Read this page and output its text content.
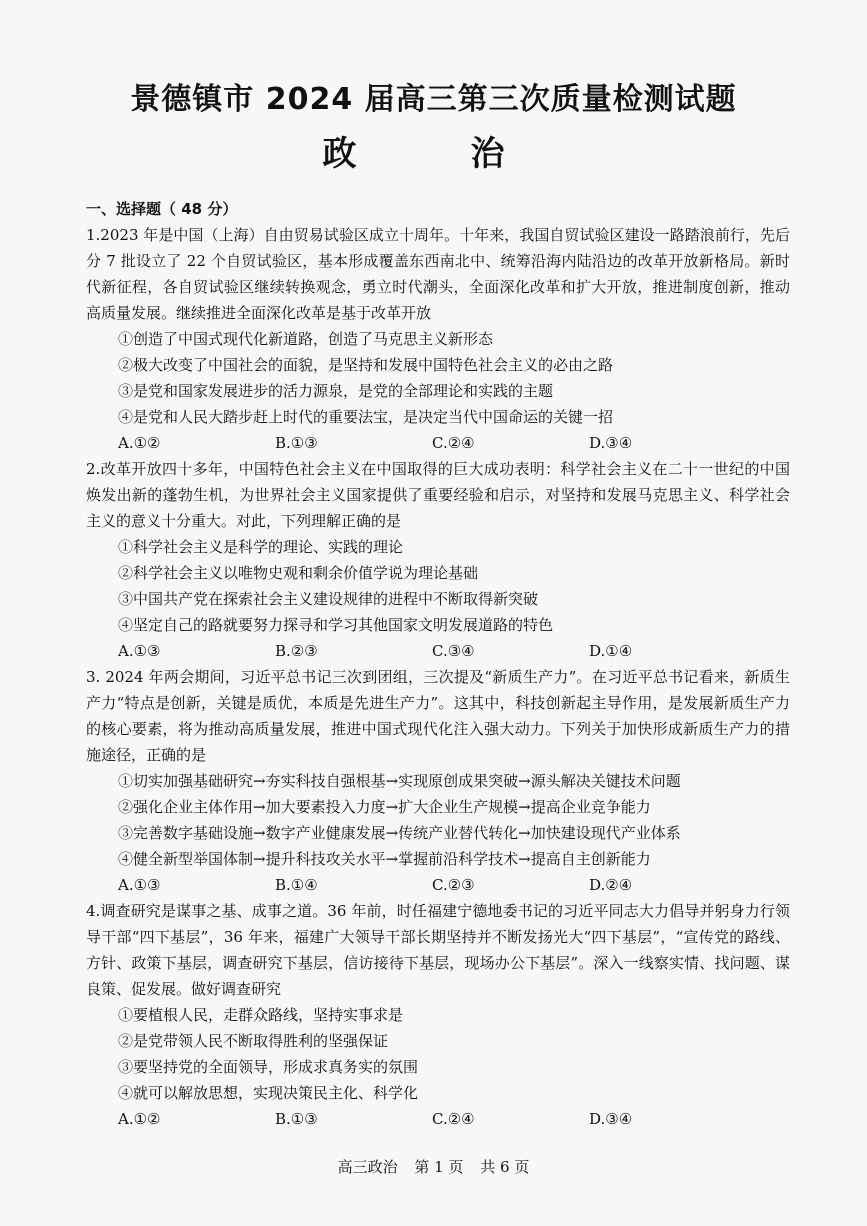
景德镇市 2024 届高三第三次质量检测试题
政　治
一、选择题（ 48 分）
1.2023 年是中国（上海）自由贸易试验区成立十周年。十年来，我国自贸试验区建设一路踏浪前行，先后分 7 批设立了 22 个自贸试验区，基本形成覆盖东西南北中、统筹沿海内陆沿边的改革开放新格局。新时代新征程，各自贸试验区继续转换观念，勇立时代潮头，全面深化改革和扩大开放，推进制度创新，推动高质量发展。继续推进全面深化改革是基于改革开放
①创造了中国式现代化新道路，创造了马克思主义新形态
②极大改变了中国社会的面貌，是坚持和发展中国特色社会主义的必由之路
③是党和国家发展进步的活力源泉，是党的全部理论和实践的主题
④是党和人民大踏步赶上时代的重要法宝，是决定当代中国命运的关键一招
A.①②	B.①③	C.②④	D.③④
2.改革开放四十多年，中国特色社会主义在中国取得的巨大成功表明：科学社会主义在二十一世纪的中国焕发出新的蓬勃生机，为世界社会主义国家提供了重要经验和启示，对坚持和发展马克思主义、科学社会主义的意义十分重大。对此，下列理解正确的是
①科学社会主义是科学的理论、实践的理论
②科学社会主义以唯物史观和剩余价值学说为理论基础
③中国共产党在探索社会主义建设规律的进程中不断取得新突破
④坚定自己的路就要努力探寻和学习其他国家文明发展道路的特色
A.①③	B.②③	C.③④	D.①④
3. 2024 年两会期间，习近平总书记三次到团组，三次提及“新质生产力”。在习近平总书记看来，新质生产力“特点是创新，关键是质优，本质是先进生产力”。这其中，科技创新起主导作用，是发展新质生产力的核心要素，将为推动高质量发展，推进中国式现代化注入强大动力。下列关于加快形成新质生产力的措施途径，正确的是
①切实加强基础研究→夯实科技自强根基→实现原创成果突破→源头解决关键技术问题
②强化企业主体作用→加大要素投入力度→扩大企业生产规模→提高企业竞争能力
③完善数字基础设施→数字产业健康发展→传统产业替代转化→加快建设现代产业体系
④健全新型举国体制→提升科技攻关水平→掌握前沿科学技术→提高自主创新能力
A.①③	B.①④	C.②③	D.②④
4.调查研究是谋事之基、成事之道。36 年前，时任福建宁德地委书记的习近平同志大力倡导并躬身力行领导干部“四下基层”，36 年来，福建广大领导干部长期坚持并不断发扬光大“四下基层”，“宣传党的路线、方针、政策下基层，调查研究下基层，信访接待下基层，现场办公下基层”。深入一线察实情、找问题、谋良策、促发展。做好调查研究
①要植根人民，走群众路线，坚持实事求是
②是党带领人民不断取得胜利的坚强保证
③要坚持党的全面领导，形成求真务实的氛围
④就可以解放思想，实现决策民主化、科学化
A.①②	B.①③	C.②④	D.③④
高三政治 第 1 页 共 6 页
